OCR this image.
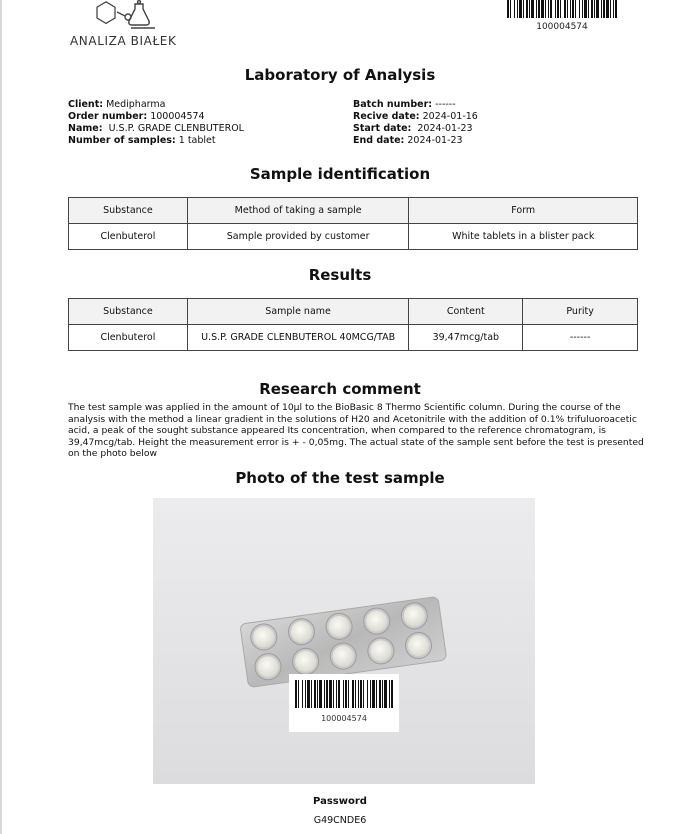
ANALIZA BIAŁEK
100004574
Laboratory of Analysis
Client: Medipharma
Order number: 100004574
Name: U.S.P. GRADE CLENBUTEROL
Number of samples: 1 tablet
Batch number: ------
Recive date: 2024-01-16
Start date: 2024-01-23
End date: 2024-01-23
Sample identification
Substance	Method of taking a sample	Form
Clenbuterol	Sample provided by customer	White tablets in a blister pack
Results
Substance	Sample name	Content	Purity
Clenbuterol	U.S.P. GRADE CLENBUTEROL 40MCG/TAB	39,47mcg/tab	------
Research comment
The test sample was applied in the amount of 10µl to the BioBasic 8 Thermo Scientific column. During the course of the analysis with the method a linear gradient in the solutions of H20 and Acetonitrile with the addition of 0.1% trifuluoroacetic acid, a peak of the sought substance appeared Its concentration, when compared to the reference chromatogram, is 39,47mcg/tab. Height the measurement error is + - 0,05mg. The actual state of the sample sent before the test is presented on the photo below
Photo of the test sample
100004574
Password
G49CNDE6
